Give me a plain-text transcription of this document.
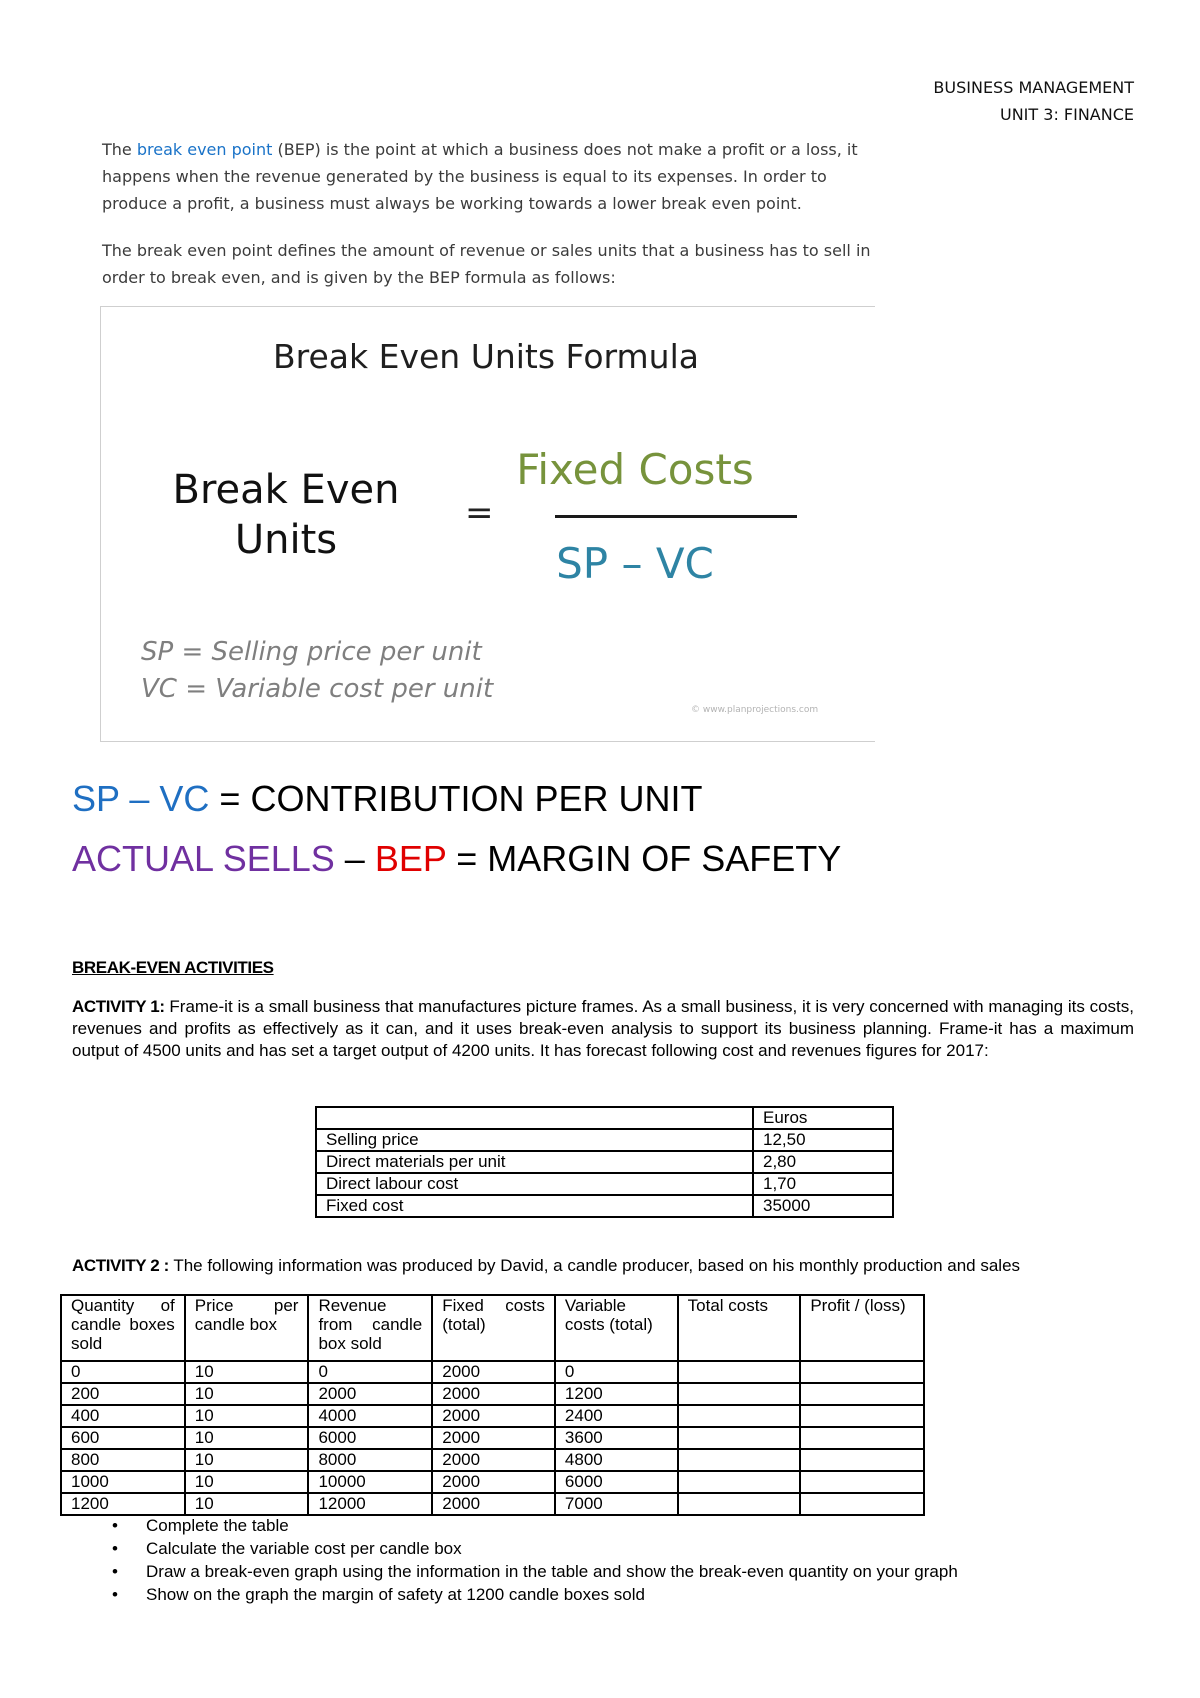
BUSINESS MANAGEMENT
UNIT 3: FINANCE

The break even point (BEP) is the point at which a business does not make a profit or a loss, it happens when the revenue generated by the business is equal to its expenses. In order to produce a profit, a business must always be working towards a lower break even point.

The break even point defines the amount of revenue or sales units that a business has to sell in order to break even, and is given by the BEP formula as follows:

Break Even Units Formula
Break Even
Units
=
Fixed Costs
SP – VC
SP = Selling price per unit
VC = Variable cost per unit
© www.planprojections.com
SP – VC = CONTRIBUTION PER UNIT
ACTUAL SELLS – BEP = MARGIN OF SAFETY
BREAK-EVEN ACTIVITIES
ACTIVITY 1: Frame-it is a small business that manufactures picture frames. As a small business, it is very concerned with managing its costs, revenues and profits as effectively as it can, and it uses break-even analysis to support its business planning. Frame-it has a maximum output of 4500 units and has set a target output of 4200 units. It has forecast following cost and revenues figures for 2017:
	Euros
Selling price	12,50
Direct materials per unit	2,80
Direct labour cost	1,70
Fixed cost	35000
ACTIVITY 2 : The following information was produced by David, a candle producer, based on his monthly production and sales
Quantity of candle boxes sold	Price per candle box	Revenue from candle box sold	Fixed costs (total)	Variable costs (total)	Total costs	Profit / (loss)
0	10	0	2000	0		
200	10	2000	2000	1200		
400	10	4000	2000	2400		
600	10	6000	2000	3600		
800	10	8000	2000	4800		
1000	10	10000	2000	6000		
1200	10	12000	2000	7000		
• Complete the table
• Calculate the variable cost per candle box
• Draw a break-even graph using the information in the table and show the break-even quantity on your graph
• Show on the graph the margin of safety at 1200 candle boxes sold
